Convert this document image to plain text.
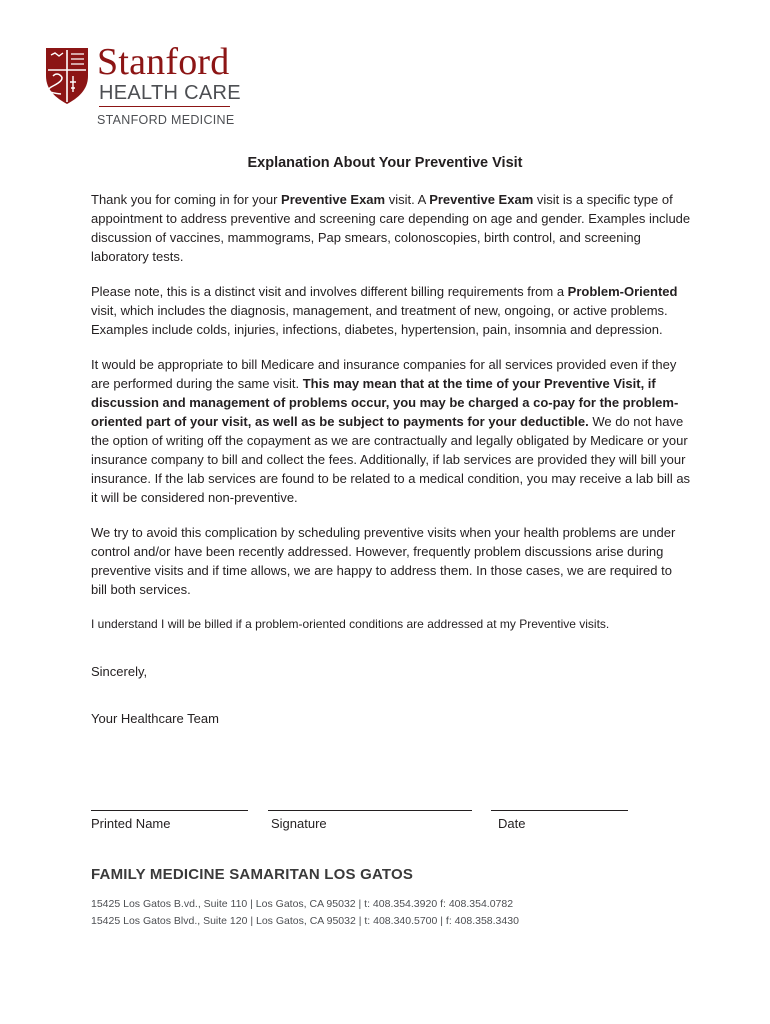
Stanford
HEALTH CARE
STANFORD MEDICINE
Explanation About Your Preventive Visit

Thank you for coming in for your Preventive Exam visit. A Preventive Exam visit is a specific type of appointment to address preventive and screening care depending on age and gender. Examples include discussion of vaccines, mammograms, Pap smears, colonoscopies, birth control, and screening laboratory tests.

Please note, this is a distinct visit and involves different billing requirements from a Problem-Oriented visit, which includes the diagnosis, management, and treatment of new, ongoing, or active problems. Examples include colds, injuries, infections, diabetes, hypertension, pain, insomnia and depression.

It would be appropriate to bill Medicare and insurance companies for all services provided even if they are performed during the same visit. This may mean that at the time of your Preventive Visit, if discussion and management of problems occur, you may be charged a co-pay for the problem-oriented part of your visit, as well as be subject to payments for your deductible. We do not have the option of writing off the copayment as we are contractually and legally obligated by Medicare or your insurance company to bill and collect the fees. Additionally, if lab services are provided they will bill your insurance. If the lab services are found to be related to a medical condition, you may receive a lab bill as it will be considered non-preventive.

We try to avoid this complication by scheduling preventive visits when your health problems are under control and/or have been recently addressed. However, frequently problem discussions arise during preventive visits and if time allows, we are happy to address them. In those cases, we are required to bill both services.

I understand I will be billed if a problem-oriented conditions are addressed at my Preventive visits.

Sincerely,

Your Healthcare Team

Printed Name	Signature	Date
FAMILY MEDICINE SAMARITAN LOS GATOS
15425 Los Gatos B.vd., Suite 110 | Los Gatos, CA 95032 | t: 408.354.3920 f: 408.354.0782
15425 Los Gatos Blvd., Suite 120 | Los Gatos, CA 95032 | t: 408.340.5700 | f: 408.358.3430
